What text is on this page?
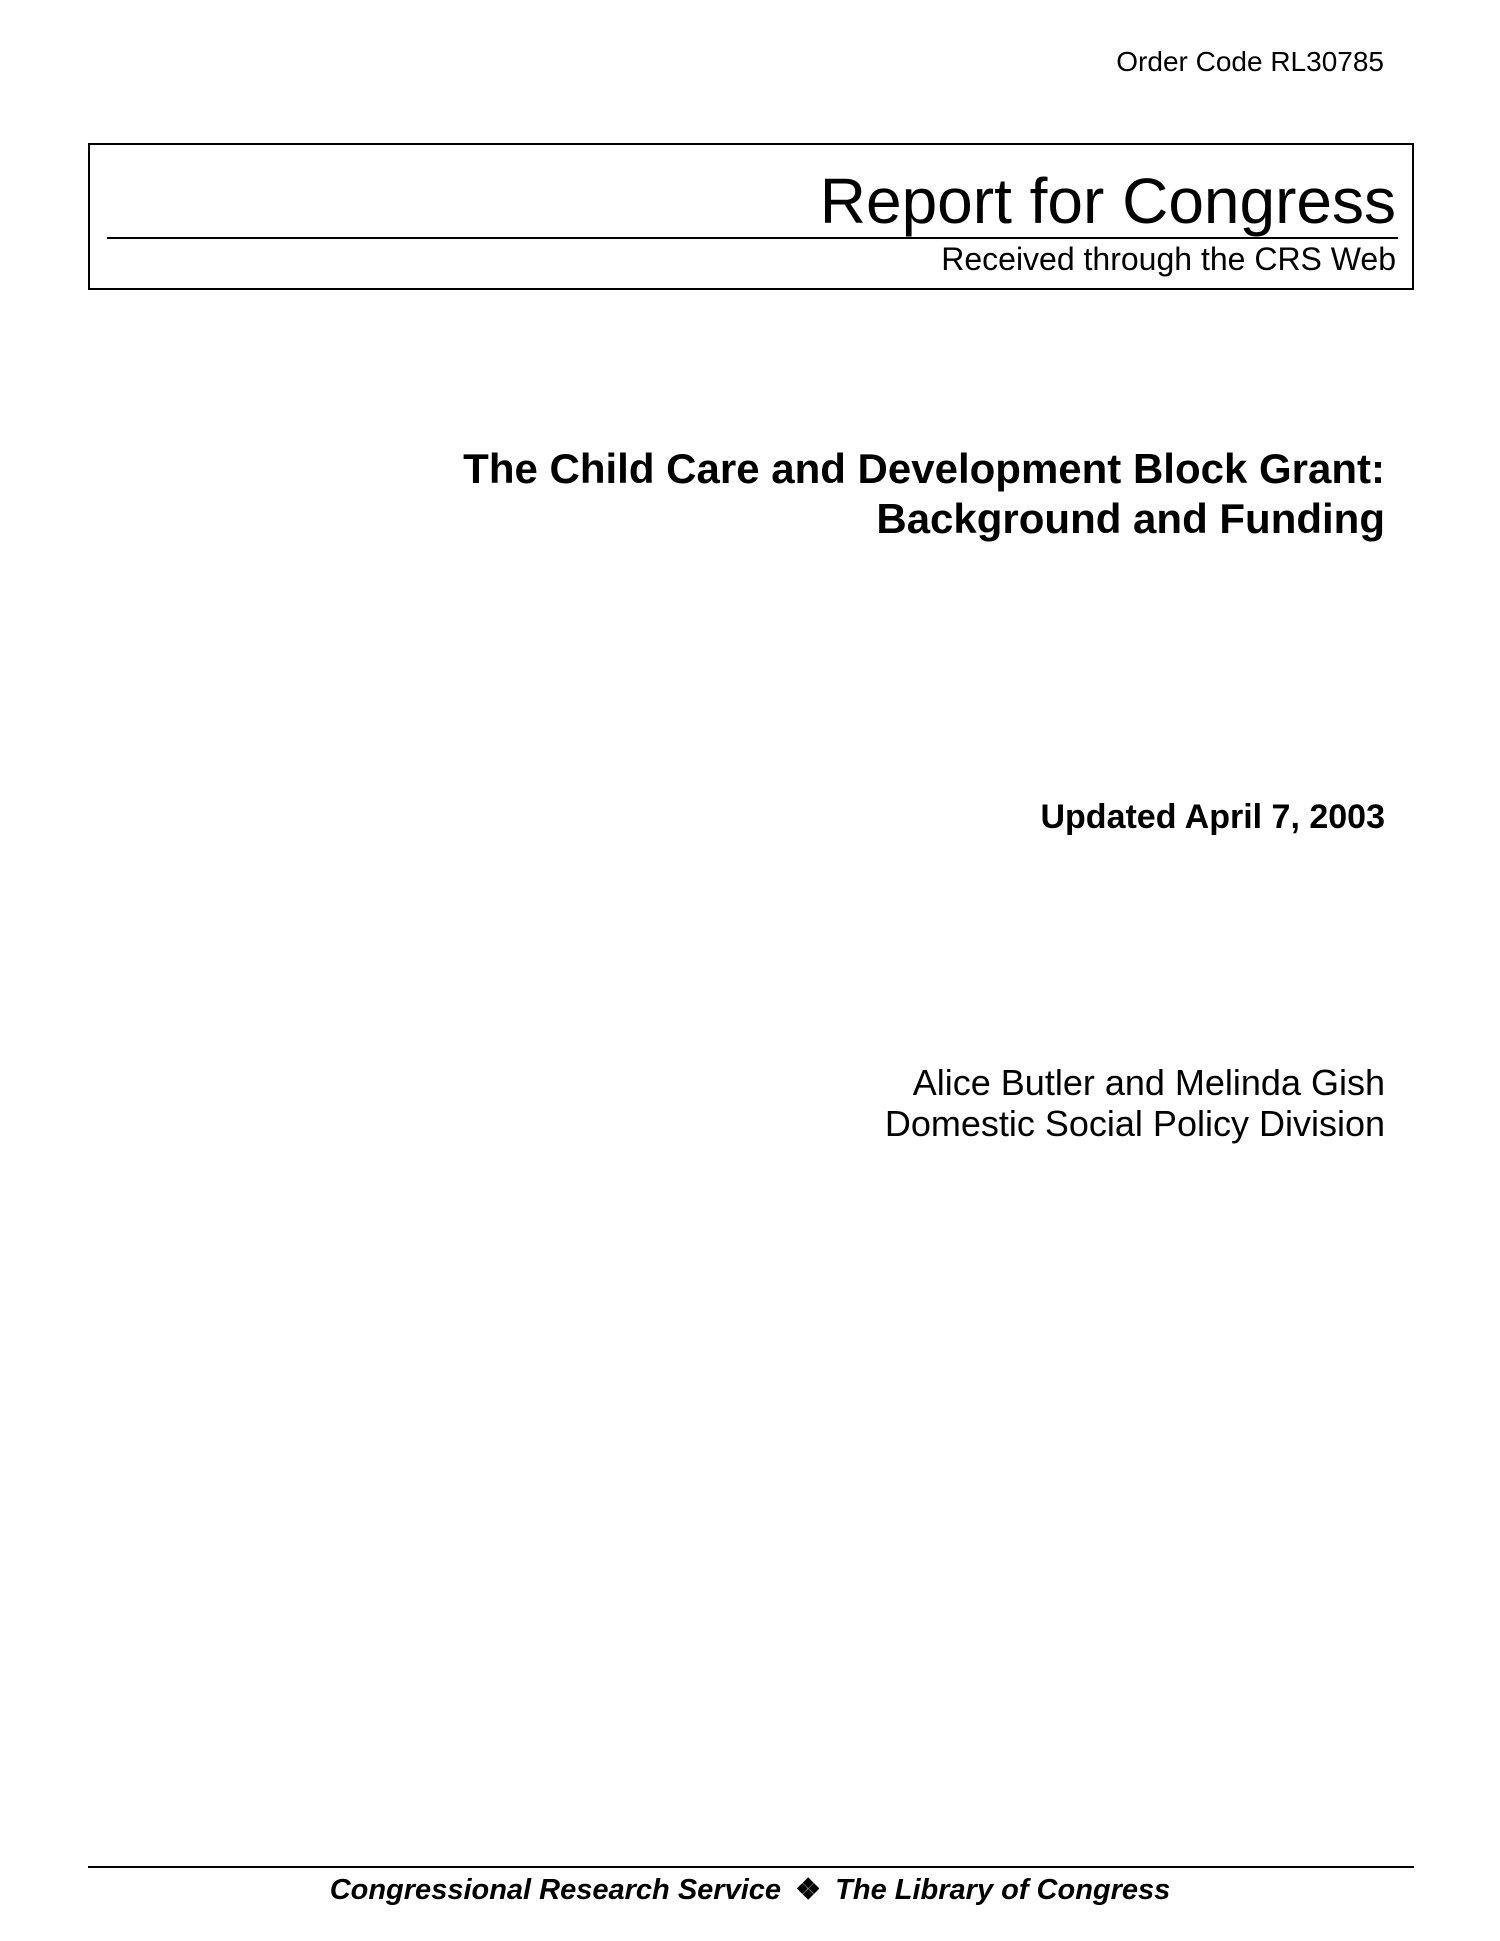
Order Code RL30785
Report for Congress
Received through the CRS Web
The Child Care and Development Block Grant:
Background and Funding
Updated April 7, 2003
Alice Butler and Melinda Gish
Domestic Social Policy Division
Congressional Research Service ❖ The Library of Congress
